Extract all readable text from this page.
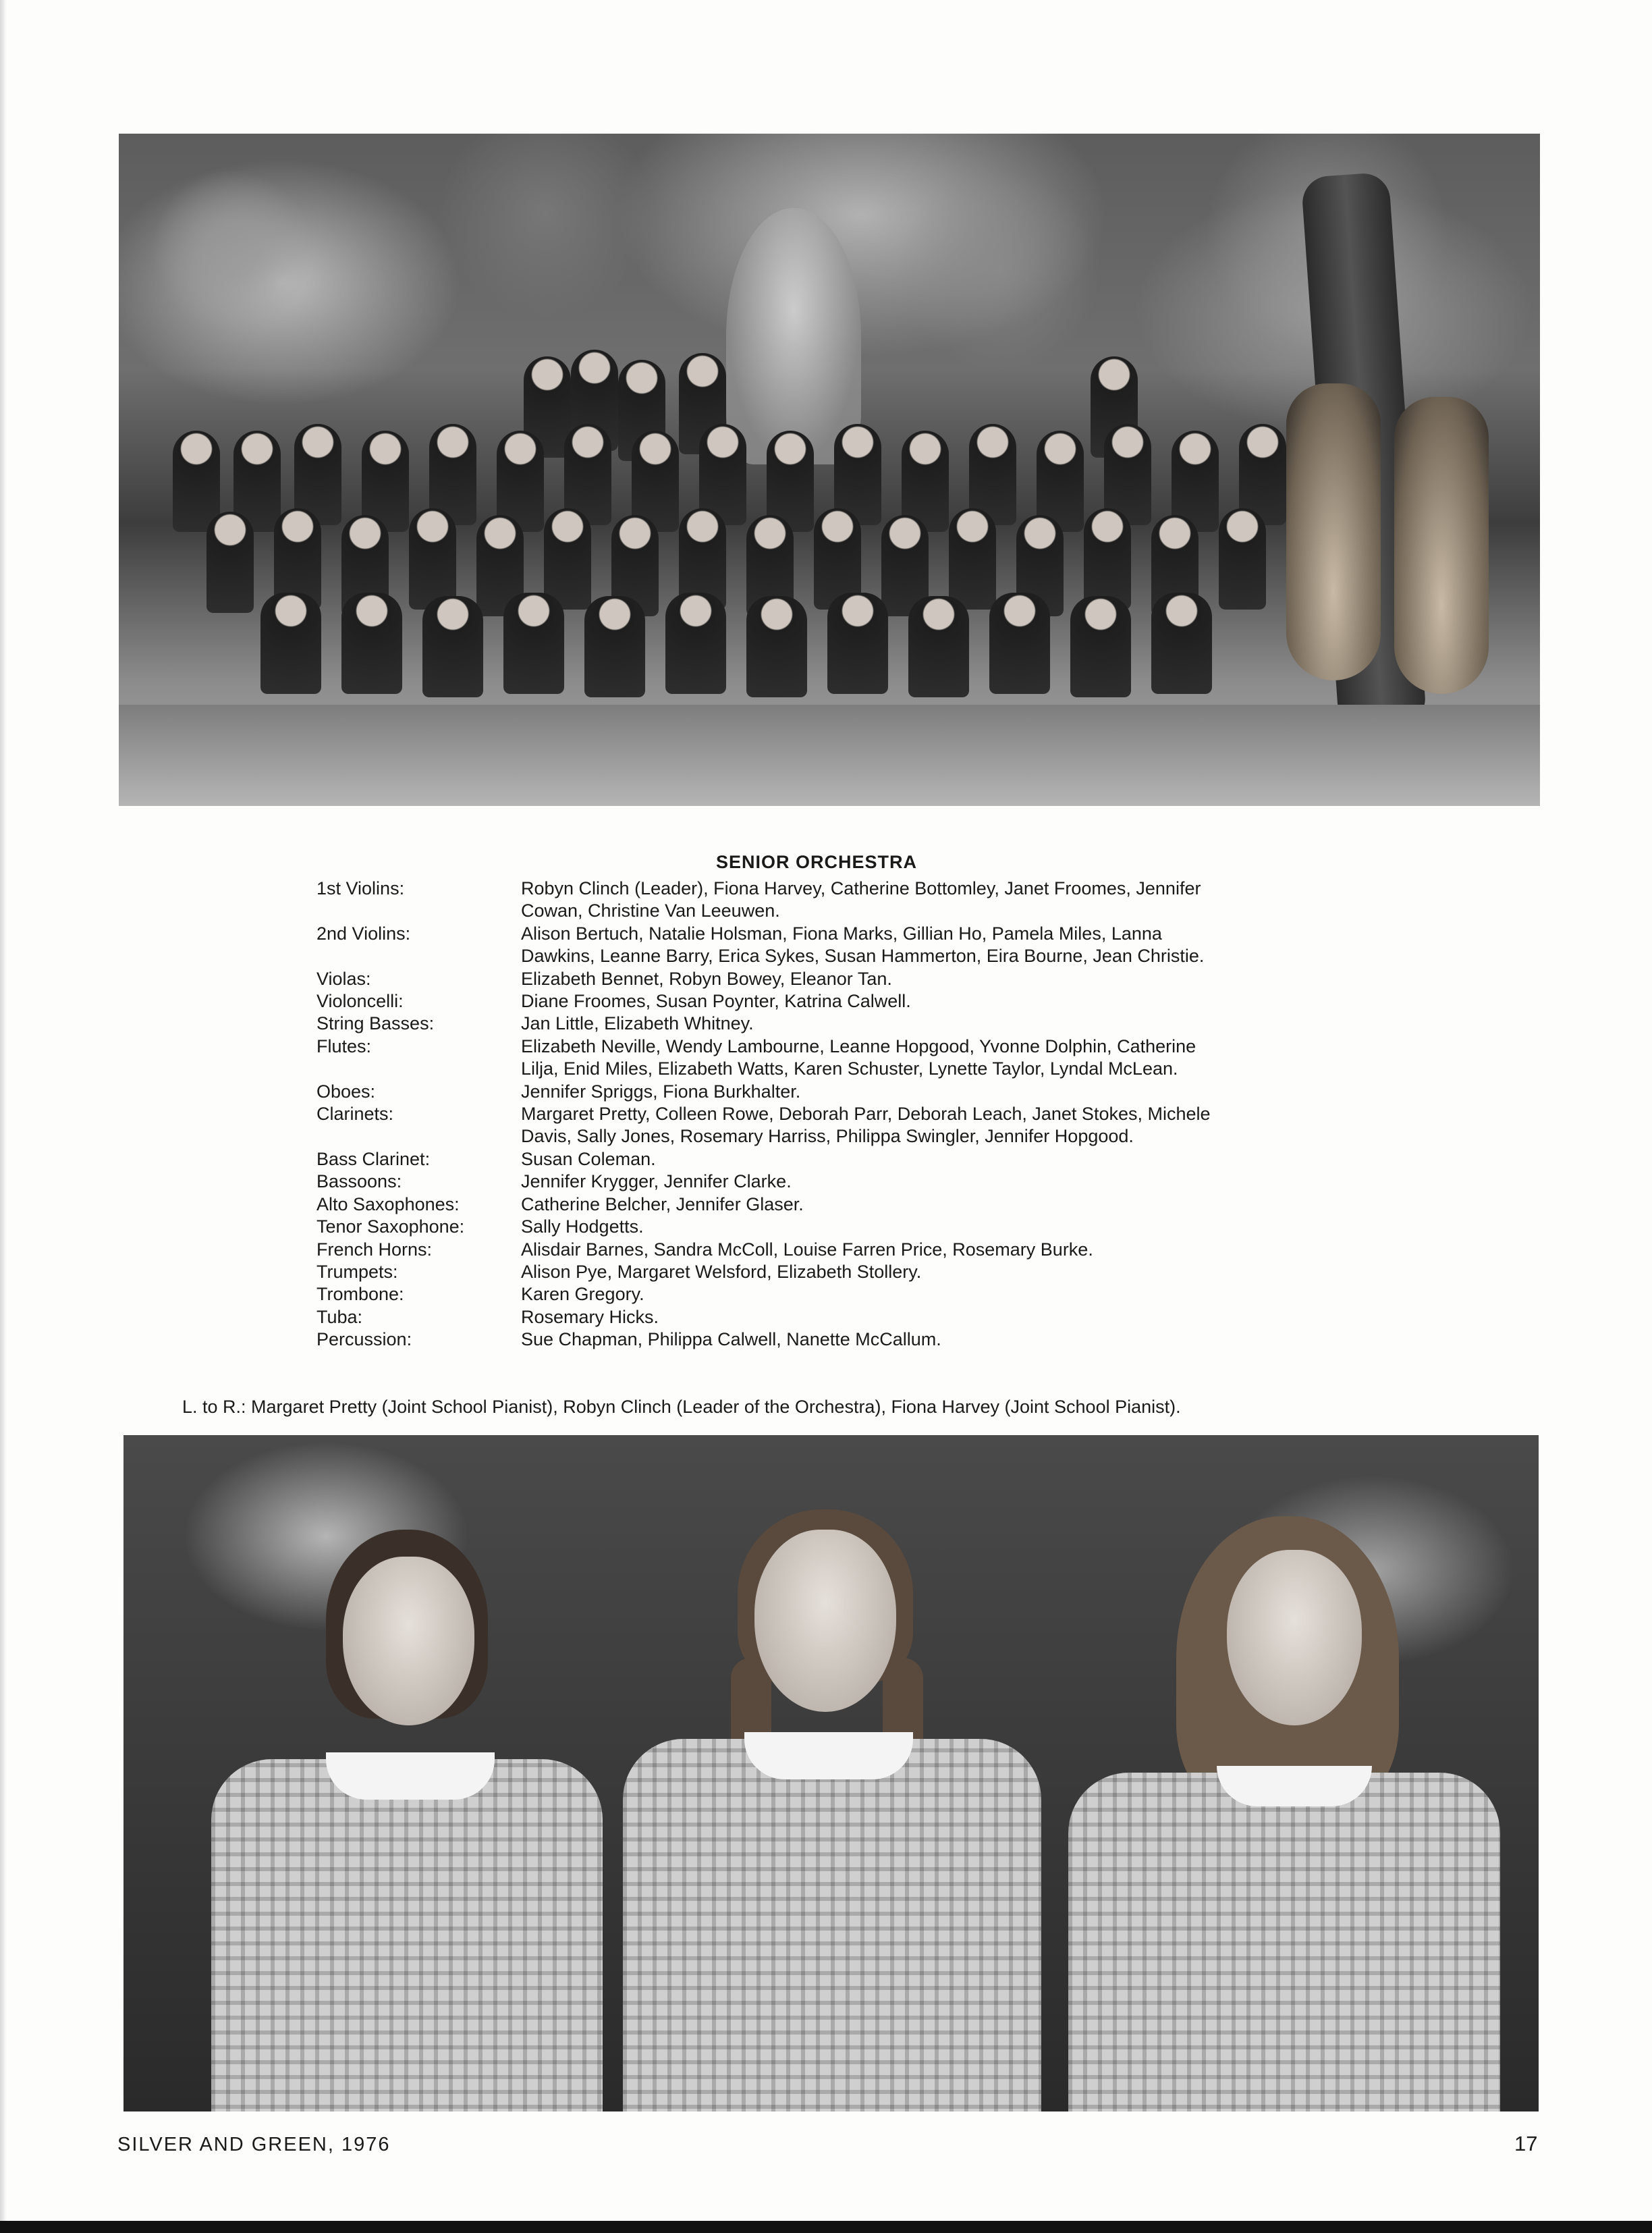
SENIOR ORCHESTRA
1st Violins:	Robyn Clinch (Leader), Fiona Harvey, Catherine Bottomley, Janet Froomes, Jennifer
Cowan, Christine Van Leeuwen.
2nd Violins:	Alison Bertuch, Natalie Holsman, Fiona Marks, Gillian Ho, Pamela Miles, Lanna
Dawkins, Leanne Barry, Erica Sykes, Susan Hammerton, Eira Bourne, Jean Christie.
Violas:	Elizabeth Bennet, Robyn Bowey, Eleanor Tan.
Violoncelli:	Diane Froomes, Susan Poynter, Katrina Calwell.
String Basses:	Jan Little, Elizabeth Whitney.
Flutes:	Elizabeth Neville, Wendy Lambourne, Leanne Hopgood, Yvonne Dolphin, Catherine
Lilja, Enid Miles, Elizabeth Watts, Karen Schuster, Lynette Taylor, Lyndal McLean.
Oboes:	Jennifer Spriggs, Fiona Burkhalter.
Clarinets:	Margaret Pretty, Colleen Rowe, Deborah Parr, Deborah Leach, Janet Stokes, Michele
Davis, Sally Jones, Rosemary Harriss, Philippa Swingler, Jennifer Hopgood.
Bass Clarinet:	Susan Coleman.
Bassoons:	Jennifer Krygger, Jennifer Clarke.
Alto Saxophones:	Catherine Belcher, Jennifer Glaser.
Tenor Saxophone:	Sally Hodgetts.
French Horns:	Alisdair Barnes, Sandra McColl, Louise Farren Price, Rosemary Burke.
Trumpets:	Alison Pye, Margaret Welsford, Elizabeth Stollery.
Trombone:	Karen Gregory.
Tuba:	Rosemary Hicks.
Percussion:	Sue Chapman, Philippa Calwell, Nanette McCallum.
L. to R.: Margaret Pretty (Joint School Pianist), Robyn Clinch (Leader of the Orchestra), Fiona Harvey (Joint School Pianist).
SILVER AND GREEN, 1976	17
